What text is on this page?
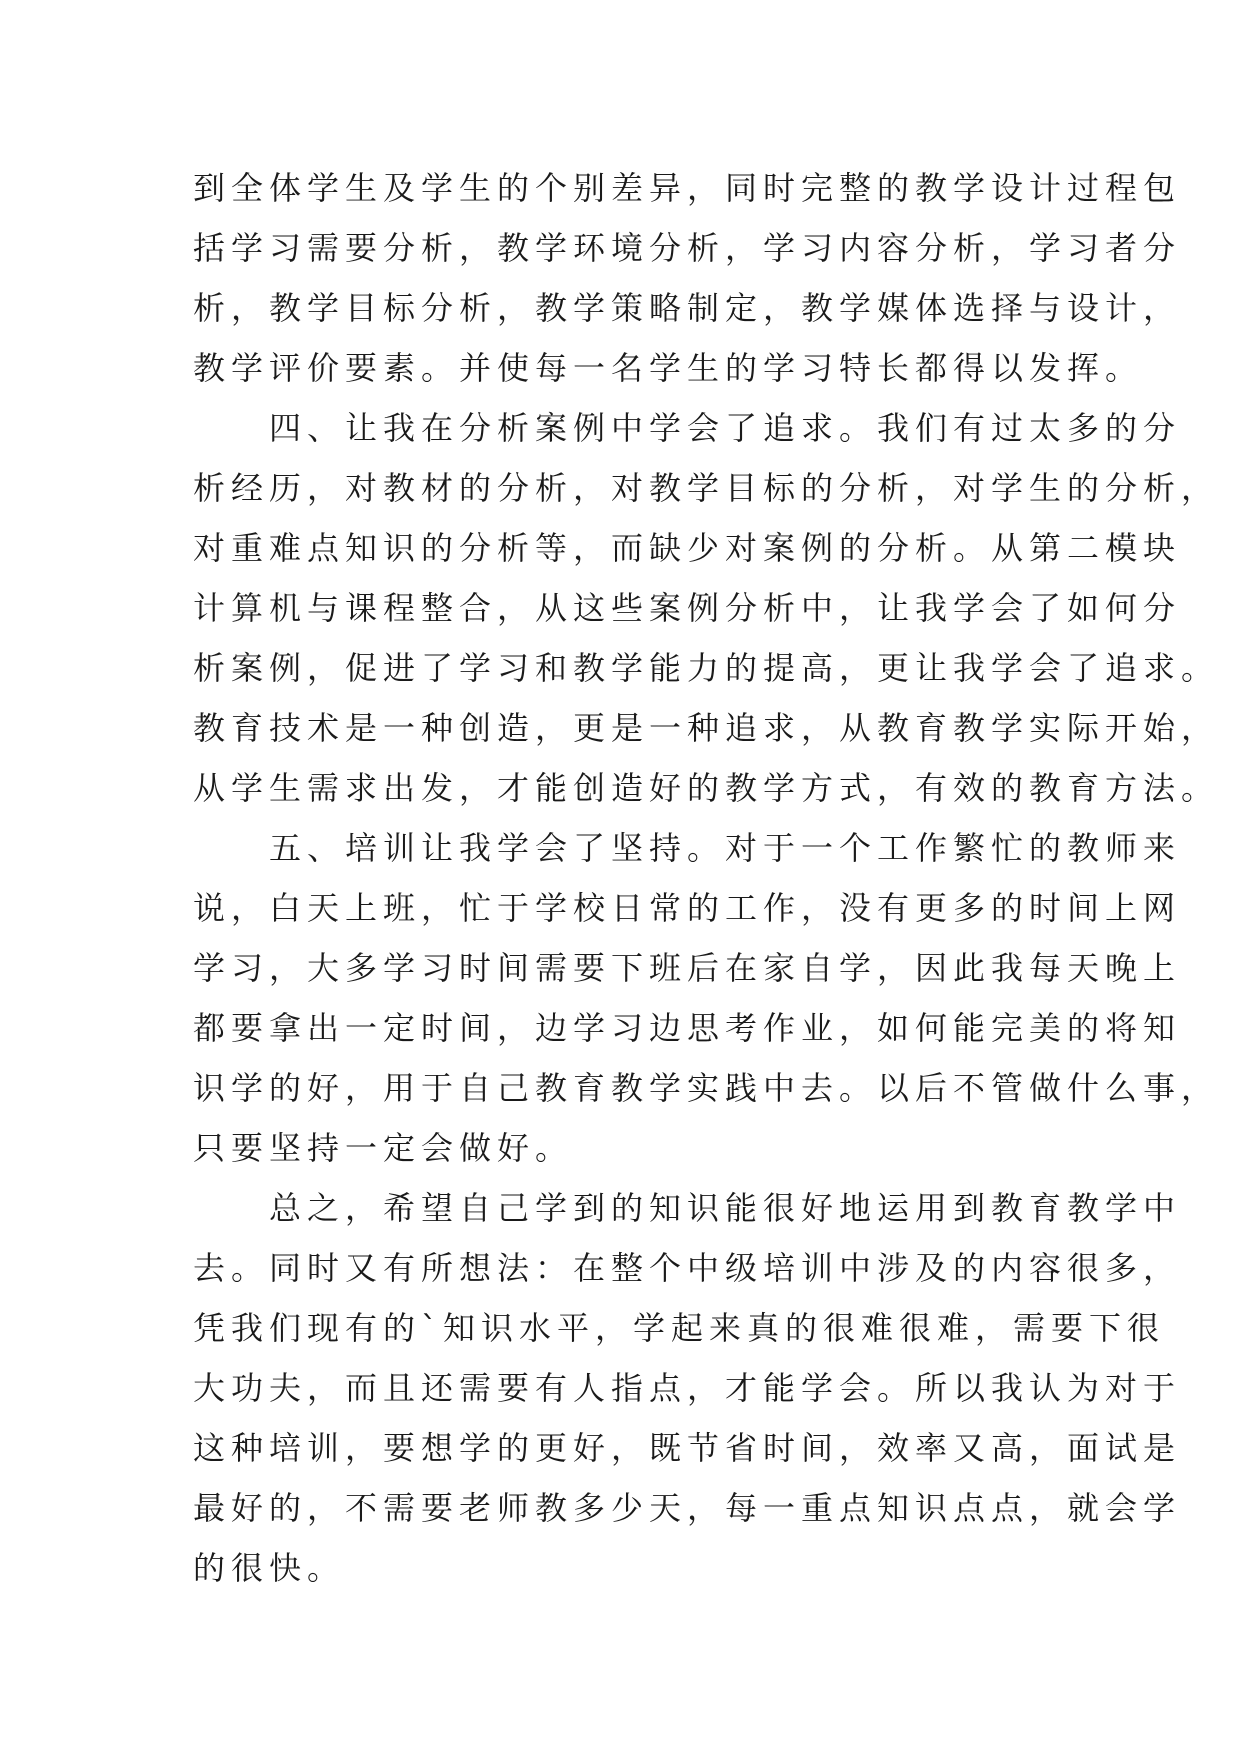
到全体学生及学生的个别差异，同时完整的教学设计过程包
括学习需要分析，教学环境分析，学习内容分析，学习者分
析，教学目标分析，教学策略制定，教学媒体选择与设计，
教学评价要素。并使每一名学生的学习特长都得以发挥。
　　四、让我在分析案例中学会了追求。我们有过太多的分
析经历，对教材的分析，对教学目标的分析，对学生的分析，
对重难点知识的分析等，而缺少对案例的分析。从第二模块
计算机与课程整合，从这些案例分析中，让我学会了如何分
析案例，促进了学习和教学能力的提高，更让我学会了追求。
教育技术是一种创造，更是一种追求，从教育教学实际开始，
从学生需求出发，才能创造好的教学方式，有效的教育方法。
　　五、培训让我学会了坚持。对于一个工作繁忙的教师来
说，白天上班，忙于学校日常的工作，没有更多的时间上网
学习，大多学习时间需要下班后在家自学，因此我每天晚上
都要拿出一定时间，边学习边思考作业，如何能完美的将知
识学的好，用于自己教育教学实践中去。以后不管做什么事，
只要坚持一定会做好。
　　总之，希望自己学到的知识能很好地运用到教育教学中
去。同时又有所想法：在整个中级培训中涉及的内容很多，
凭我们现有的`知识水平，学起来真的很难很难，需要下很
大功夫，而且还需要有人指点，才能学会。所以我认为对于
这种培训，要想学的更好，既节省时间，效率又高，面试是
最好的，不需要老师教多少天，每一重点知识点点，就会学
的很快。
